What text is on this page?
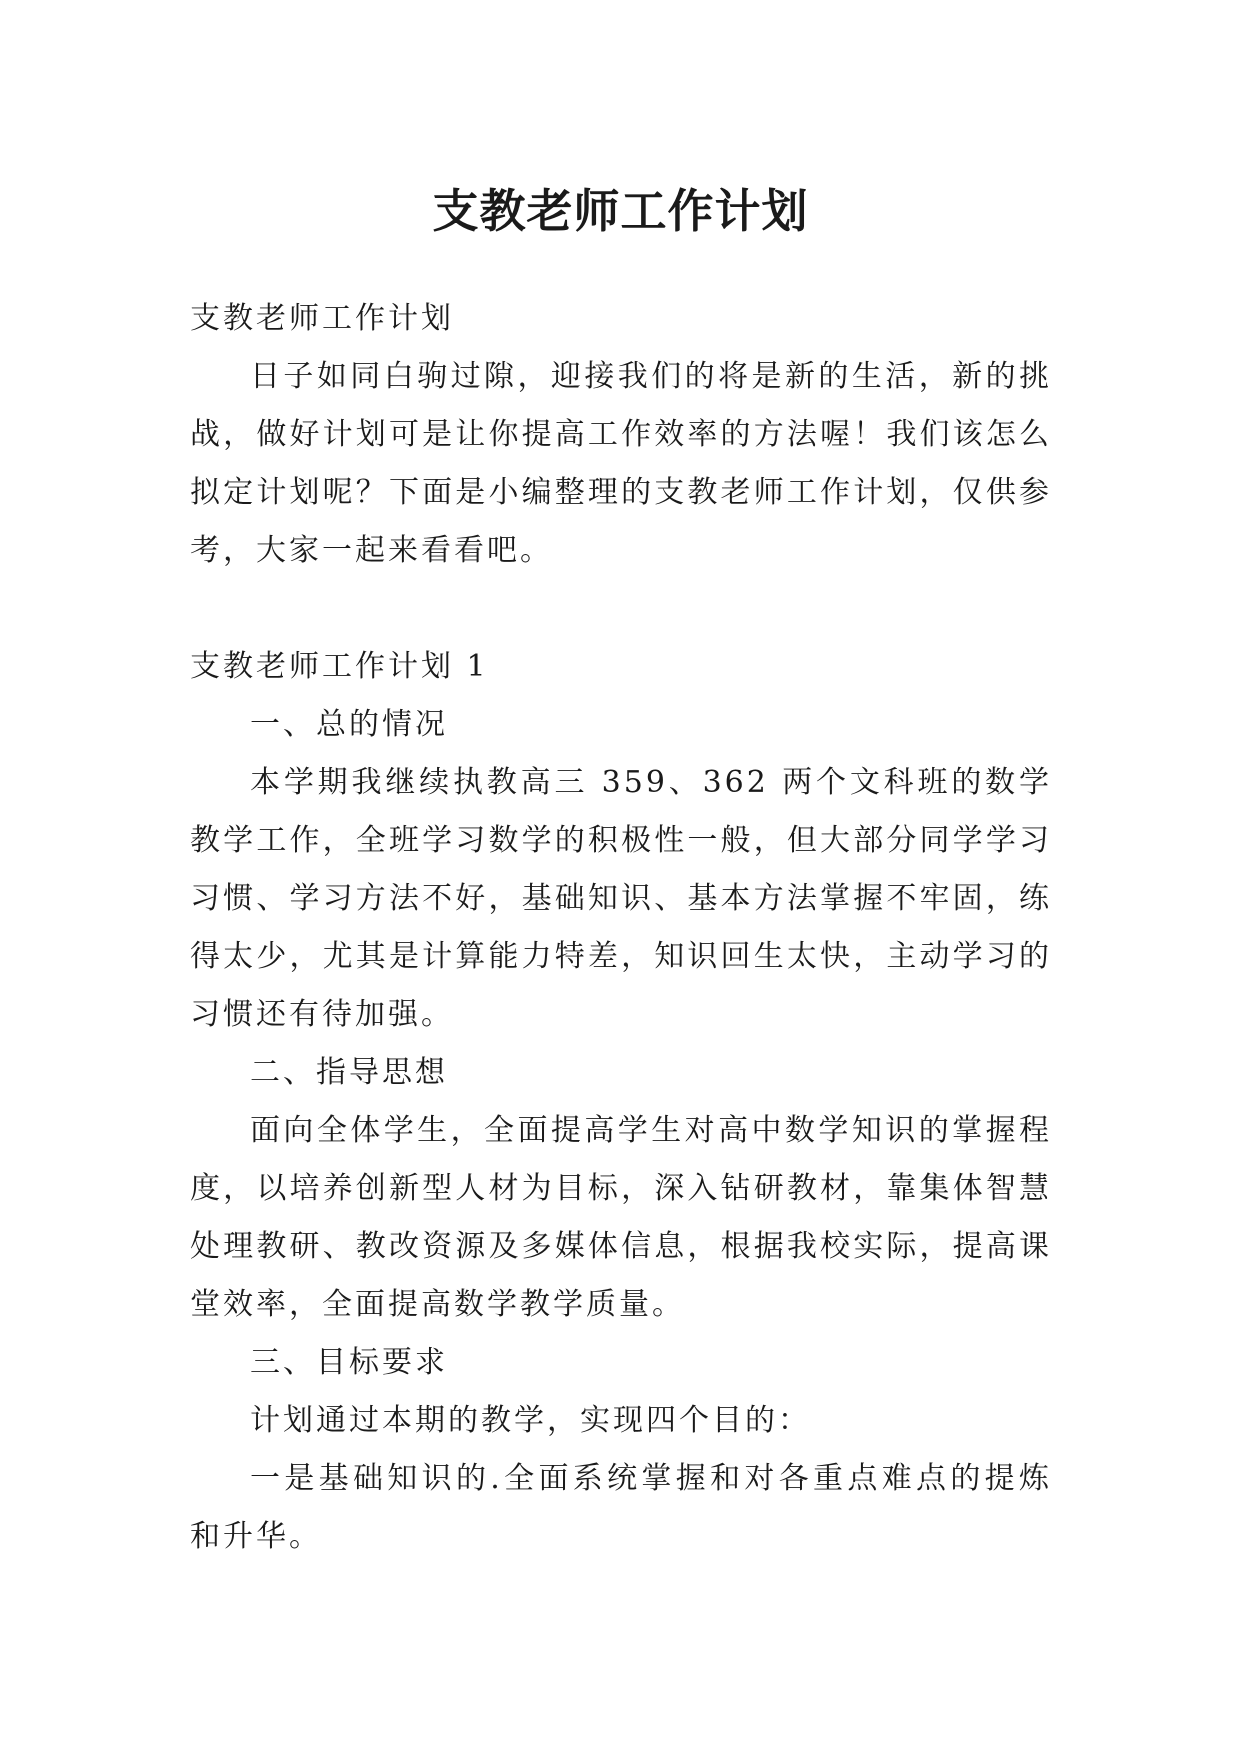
支教老师工作计划

支教老师工作计划

日子如同白驹过隙，迎接我们的将是新的生活，新的挑战，做好计划可是让你提高工作效率的方法喔！我们该怎么拟定计划呢？下面是小编整理的支教老师工作计划，仅供参考，大家一起来看看吧。

支教老师工作计划 1

一、总的情况

本学期我继续执教高三 359、362 两个文科班的数学教学工作，全班学习数学的积极性一般，但大部分同学学习习惯、学习方法不好，基础知识、基本方法掌握不牢固，练得太少，尤其是计算能力特差，知识回生太快，主动学习的习惯还有待加强。

二、指导思想

面向全体学生，全面提高学生对高中数学知识的掌握程度，以培养创新型人材为目标，深入钻研教材，靠集体智慧处理教研、教改资源及多媒体信息，根据我校实际，提高课堂效率，全面提高数学教学质量。

三、目标要求

计划通过本期的教学，实现四个目的：

一是基础知识的.全面系统掌握和对各重点难点的提炼和升华。
